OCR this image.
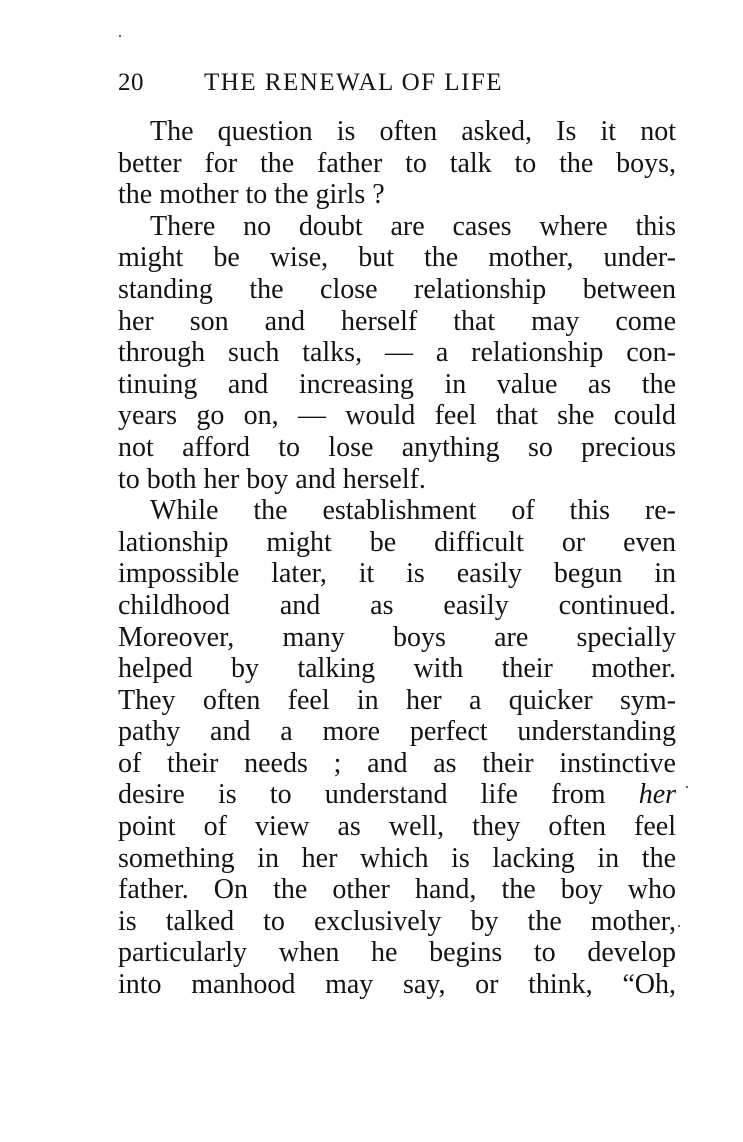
20 THE RENEWAL OF LIFE
The question is often asked, Is it not
better for the father to talk to the boys,
the mother to the girls ?
There no doubt are cases where this
might be wise, but the mother, under-
standing the close relationship between
her son and herself that may come
through such talks, — a relationship con-
tinuing and increasing in value as the
years go on, — would feel that she could
not afford to lose anything so precious
to both her boy and herself.
While the establishment of this re-
lationship might be difficult or even
impossible later, it is easily begun in
childhood and as easily continued.
Moreover, many boys are specially
helped by talking with their mother.
They often feel in her a quicker sym-
pathy and a more perfect understanding
of their needs ; and as their instinctive
desire is to understand life from her
point of view as well, they often feel
something in her which is lacking in the
father. On the other hand, the boy who
is talked to exclusively by the mother,
particularly when he begins to develop
into manhood may say, or think, “Oh,
